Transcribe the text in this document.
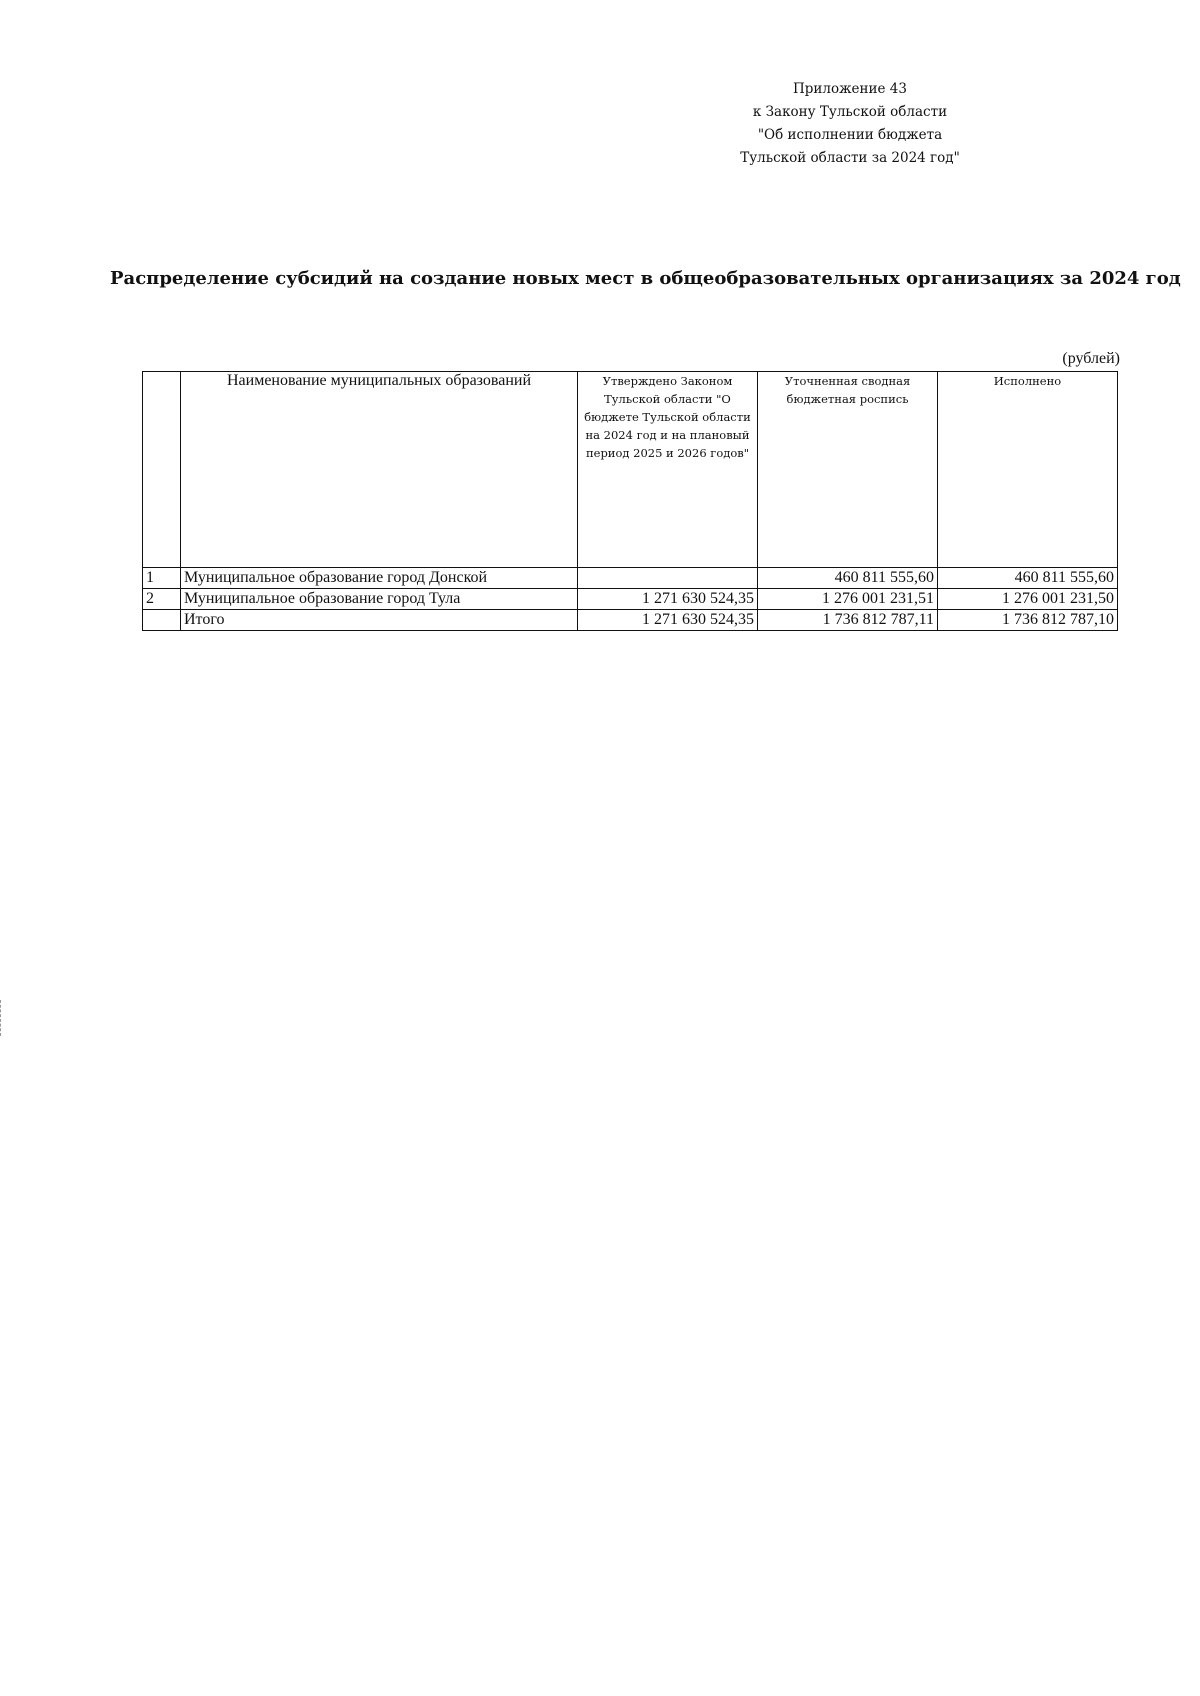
Приложение 43
к Закону Тульской области
"Об исполнении бюджета
Тульской области за 2024 год"
Распределение субсидий на создание новых мест в общеобразовательных организациях за 2024 год
(рублей)
	Наименование муниципальных образований	Утверждено Законом Тульской области "О бюджете Тульской области на 2024 год и на плановый период 2025 и 2026 годов"	Уточненная сводная бюджетная роспись	Исполнено
1	Муниципальное образование город Донской		460 811 555,60	460 811 555,60
2	Муниципальное образование город Тула	1 271 630 524,35	1 276 001 231,51	1 276 001 231,50
	Итого	1 271 630 524,35	1 736 812 787,11	1 736 812 787,10
